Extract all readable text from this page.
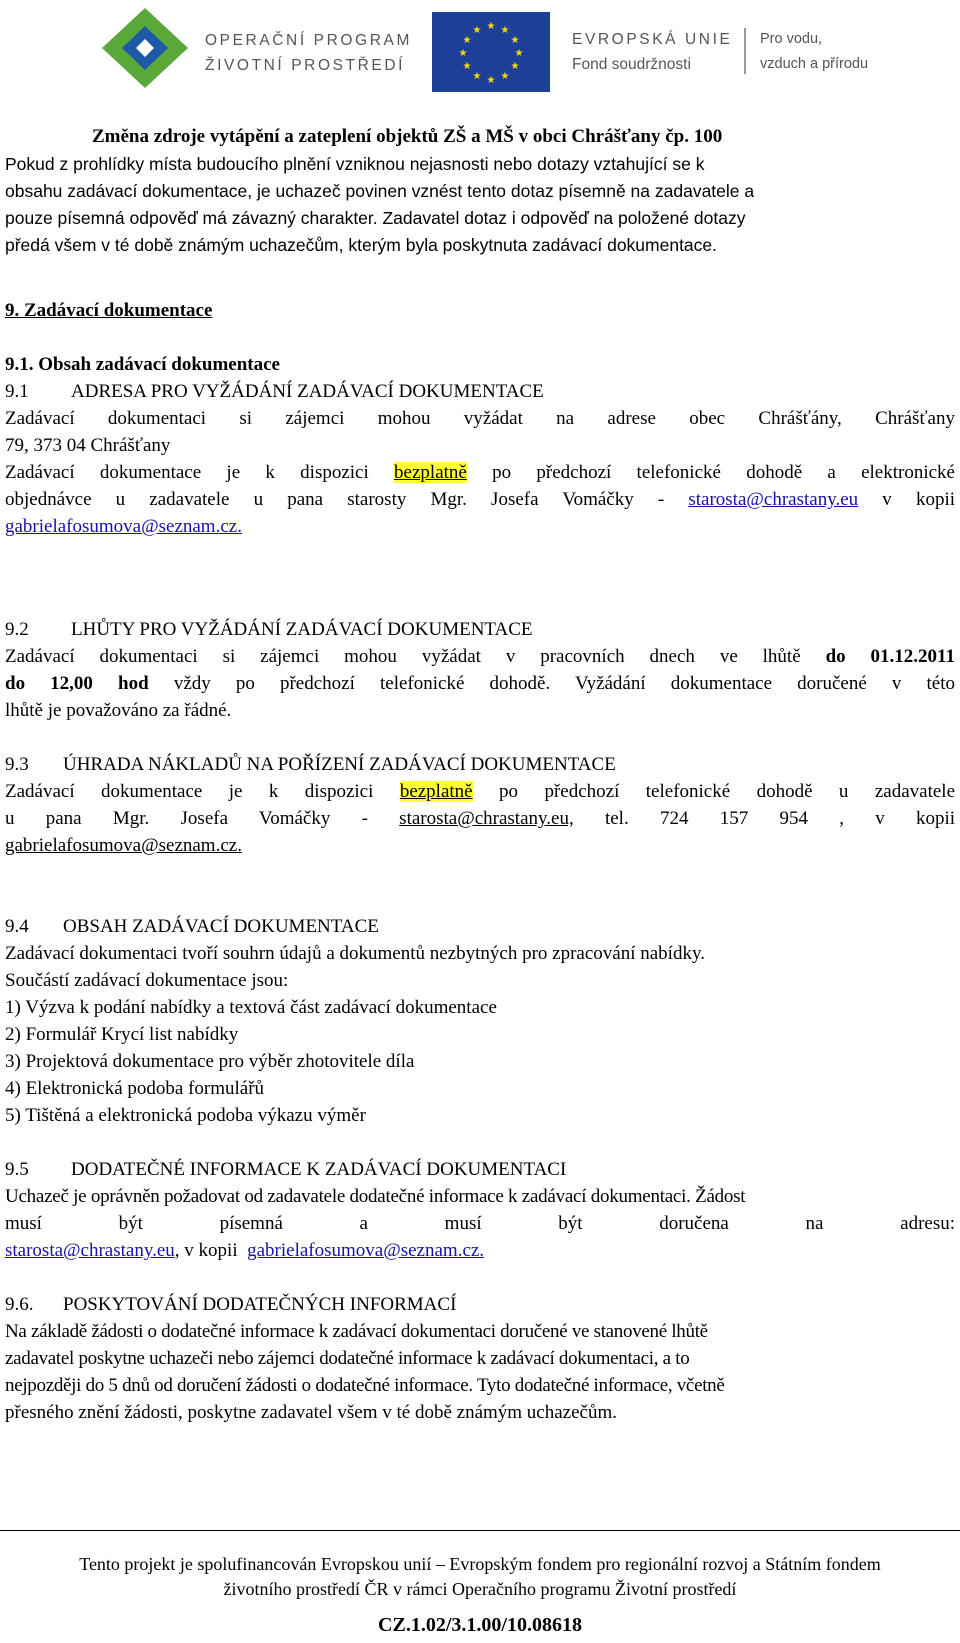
OPERAČNÍ PROGRAM
ŽIVOTNÍ PROSTŘEDÍ
★ ★
★
★
★
★
★
★
★
★
★
★
EVROPSKÁ UNIE
Fond soudržnosti
Pro vodu,
vzduch a přírodu
Změna zdroje vytápění a zateplení objektů ZŠ a MŠ v obci Chrášťany čp. 100
Pokud z prohlídky místa budoucího plnění vzniknou nejasnosti nebo dotazy vztahující se k
obsahu zadávací dokumentace, je uchazeč povinen vznést tento dotaz písemně na zadavatele a
pouze písemná odpověď má závazný charakter. Zadavatel dotaz i odpověď na položené dotazy
předá všem v té době známým uchazečům, kterým byla poskytnuta zadávací dokumentace.
9. Zadávací dokumentace
9.1. Obsah zadávací dokumentace
9.1 ADRESA PRO VYŽÁDÁNÍ ZADÁVACÍ DOKUMENTACE
Zadávací dokumentaci si zájemci mohou vyžádat na adrese obec Chrášťány, Chrášťany
79, 373 04 Chrášťany
Zadávací dokumentace je k dispozici bezplatně po předchozí telefonické dohodě a elektronické
objednávce u zadavatele u pana starosty Mgr. Josefa Vomáčky - starosta@chrastany.eu v kopii
gabrielafosumova@seznam.cz.
9.2 LHŮTY PRO VYŽÁDÁNÍ ZADÁVACÍ DOKUMENTACE
Zadávací dokumentaci si zájemci mohou vyžádat v pracovních dnech ve lhůtě do 01.12.2011
do 12,00 hod vždy po předchozí telefonické dohodě. Vyžádání dokumentace doručené v této
lhůtě je považováno za řádné.
9.3 ÚHRADA NÁKLADŮ NA POŘÍZENÍ ZADÁVACÍ DOKUMENTACE
Zadávací dokumentace je k dispozici bezplatně po předchozí telefonické dohodě u zadavatele
u pana Mgr. Josefa Vomáčky - starosta@chrastany.eu, tel. 724 157 954 , v kopii
gabrielafosumova@seznam.cz.
9.4 OBSAH ZADÁVACÍ DOKUMENTACE
Zadávací dokumentaci tvoří souhrn údajů a dokumentů nezbytných pro zpracování nabídky.
Součástí zadávací dokumentace jsou:
1) Výzva k podání nabídky a textová část zadávací dokumentace
2) Formulář Krycí list nabídky
3) Projektová dokumentace pro výběr zhotovitele díla
4) Elektronická podoba formulářů
5) Tištěná a elektronická podoba výkazu výměr
9.5 DODATEČNÉ INFORMACE K ZADÁVACÍ DOKUMENTACI
Uchazeč je oprávněn požadovat od zadavatele dodatečné informace k zadávací dokumentaci. Žádost
musí být písemná a musí být doručena na adresu:
starosta@chrastany.eu, v kopii gabrielafosumova@seznam.cz.
9.6. POSKYTOVÁNÍ DODATEČNÝCH INFORMACÍ
Na základě žádosti o dodatečné informace k zadávací dokumentaci doručené ve stanovené lhůtě
zadavatel poskytne uchazeči nebo zájemci dodatečné informace k zadávací dokumentaci, a to
nejpozději do 5 dnů od doručení žádosti o dodatečné informace. Tyto dodatečné informace, včetně
přesného znění žádosti, poskytne zadavatel všem v té době známým uchazečům.
Tento projekt je spolufinancován Evropskou unií – Evropským fondem pro regionální rozvoj a Státním fondem
životního prostředí ČR v rámci Operačního programu Životní prostředí
CZ.1.02/3.1.00/10.08618
